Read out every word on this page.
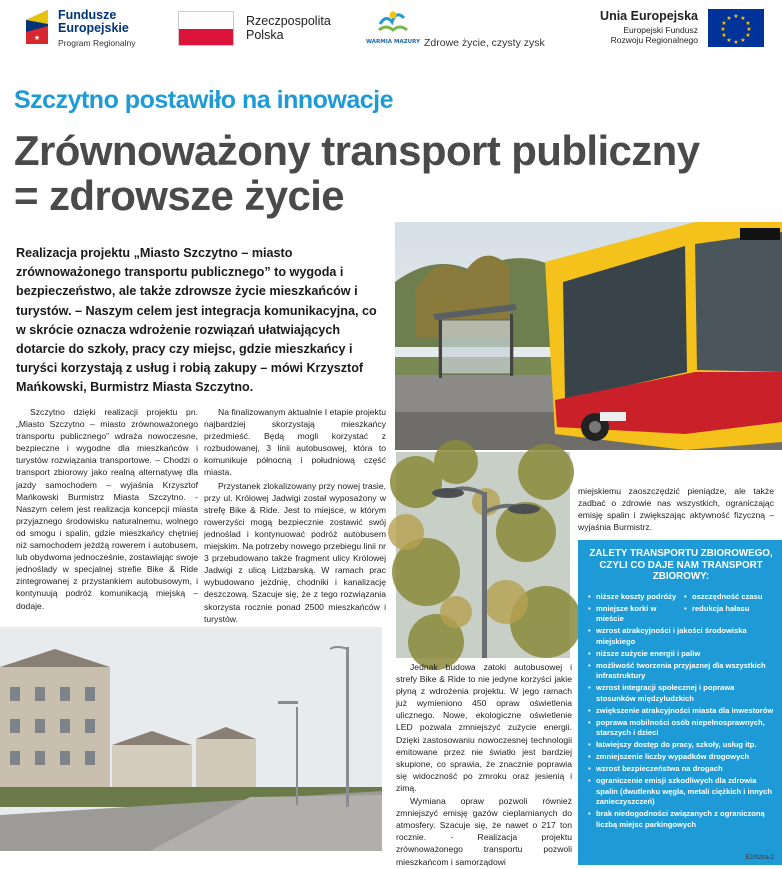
★
Fundusze
Europejskie
Program Regionalny
Rzeczpospolita
Polska	WARMIA MAZURY Zdrowe życie, czysty zysk
Unia Europejska
Europejski Fundusz
Rozwoju Regionalnego
★ ★
★
★
★
★
★
★
★
★
★
★
Szczytno postawiło na innowacje
Zrównoważony transport publiczny
= zdrowsze życie
Realizacja projektu „Miasto Szczytno – miasto zrównoważonego transportu publicznego” to wygoda i bezpieczeństwo, ale także zdrowsze życie mieszkańców i turystów. – Naszym celem jest integracja komunikacyjna, co w skrócie oznacza wdrożenie rozwiązań ułatwiających dotarcie do szkoły, pracy czy miejsc, gdzie mieszkańcy i turyści korzystają z usług i robią zakupy – mówi Krzysztof Mańkowski, Burmistrz Miasta Szczytno.

Szczytno dzięki realizacji projektu pn. „Miasto Szczytno – miasto zrównoważonego transportu publicznego” wdraża nowoczesne, bezpieczne i wygodne dla mieszkańców i turystów rozwiązania transportowe. – Chodzi o transport zbiorowy jako realną alternatywę dla jazdy samochodem – wyjaśnia Krzysztof Mańkowski Burmistrz Miasta Szczytno. - Naszym celem jest realizacja koncepcji miasta przyjaznego środowisku naturalnemu, wolnego od smogu i spalin, gdzie mieszkańcy chętniej niż samochodem jeżdżą rowerem i autobusem, lub obydwoma jednocześnie, zostawiając swoje jednoślady w specjalnej strefie Bike & Ride zintegrowanej z przystankiem autobusowym, i kontynuują podróż komunikacją miejską – dodaje.

Na finalizowanym aktualnie I etapie projektu najbardziej skorzystają mieszkańcy przedmieść. Będą mogli korzystać z rozbudowanej, 3 linii autobusowej, która to komunikuje północną i południową część miasta.

Przystanek zlokalizowany przy nowej trasie, przy ul. Królowej Jadwigi został wyposażony w strefę Bike & Ride. Jest to miejsce, w którym rowerzyści mogą bezpiecznie zostawić swój jednoślad i kontynuować podróż autobusem miejskim. Na potrzeby nowego przebiegu linii nr 3 przebudowano także fragment ulicy Królowej Jadwigi z ulicą Lidzbarską. W ramach prac wybudowano jezdnię, chodniki i kanalizację deszczową. Szacuje się, że z tego rozwiązania skorzysta rocznie ponad 2500 mieszkańców i turystów.

Jednak budowa zatoki autobusowej i strefy Bike & Ride to nie jedyne korzyści jakie płyną z wdrożenia projektu. W jego ramach już wymieniono 450 opraw oświetlenia ulicznego. Nowe, ekologiczne oświetlenie LED pozwala zmniejszyć zużycie energii. Dzięki zastosowaniu nowoczesnej technologii emitowane przez nie światło jest bardziej skupione, co sprawia, że znacznie poprawia się widoczność po zmroku oraz jesienią i zimą.

Wymiana opraw pozwoli również zmniejszyć emisję gazów cieplarnianych do atmosfery. Szacuje się, że nawet o 217 ton rocznie. - Realizacja projektu zrównoważonego transportu pozwoli mieszkańcom i samorządowi

miejskiemu zaoszczędzić pieniądze, ale także zadbać o zdrowie nas wszystkich, ograniczając emisję spalin i zwiększając aktywność fizyczną – wyjaśnia Burmistrz.

ZALETY TRANSPORTU ZBIOROWEGO, CZYLI CO DAJE NAM TRANSPORT ZBIOROWY:
• niższe koszty podróży
•	oszczędność czasu
• mniejsze korki w mieście
• redukcja hałasu
• wzrost atrakcyjności i jakości środowiska miejskiego
• niższe zużycie energii i paliw
• możliwość tworzenia przyjaznej dla wszystkich infrastruktury
• wzrost integracji społecznej i poprawa stosunków międzyludzkich
• zwiększenie atrakcyjności miasta dla inwestorów
• poprawa mobilności osób niepełnosprawnych, starszych i dzieci
• łatwiejszy dostęp do pracy, szkoły, usług itp.
• zmniejszenie liczby wypadków drogowych
• wzrost bezpieczeństwa na drogach
• ograniczenie emisji szkodliwych dla zdrowia spalin (dwutlenku węgla, metali ciężkich i innych zanieczyszczeń)
• brak niedogodności związanych z ograniczoną liczbą miejsc parkingowych
E2/Sztra-2
